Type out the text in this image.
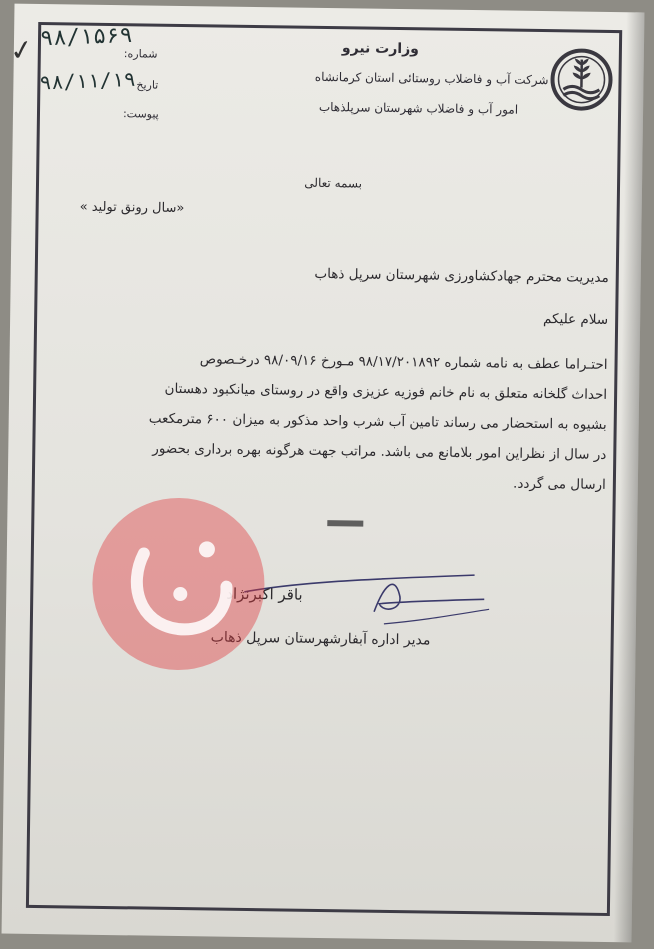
وزارت نیرو
شرکت آب و فاضلاب روستائی استان کرمانشاه
امور آب و فاضلاب شهرستان سرپلذهاب
شماره:
تاریخ
پیوست:
✓ ۹۸/۱۵۶۹
۹۸/۱۱/۱۹
بسمه تعالی
«سال رونق تولید »

مدیریت محترم جهادکشاورزی شهرستان سرپل ذهاب

سلام علیکم

احتـراما عطف به نامه شماره ۹۸/۱۷/۲۰۱۸۹۲ مـورخ ۹۸/۰۹/۱۶ درخـصوص

احداث گلخانه متعلق به نام خانم فوزیه عزیزی واقع در روستای میانکبود دهستان

بشیوه به استحضار می رساند تامین آب شرب واحد مذکور به میزان ۶۰۰ مترمکعب

در سال از نظراین امور بلامانع می باشد. مراتب جهت هرگونه بهره برداری بحضور

ارسال می گردد.

باقر اکبرنژاد
مدیر اداره آبفارشهرستان سرپل ذهاب
